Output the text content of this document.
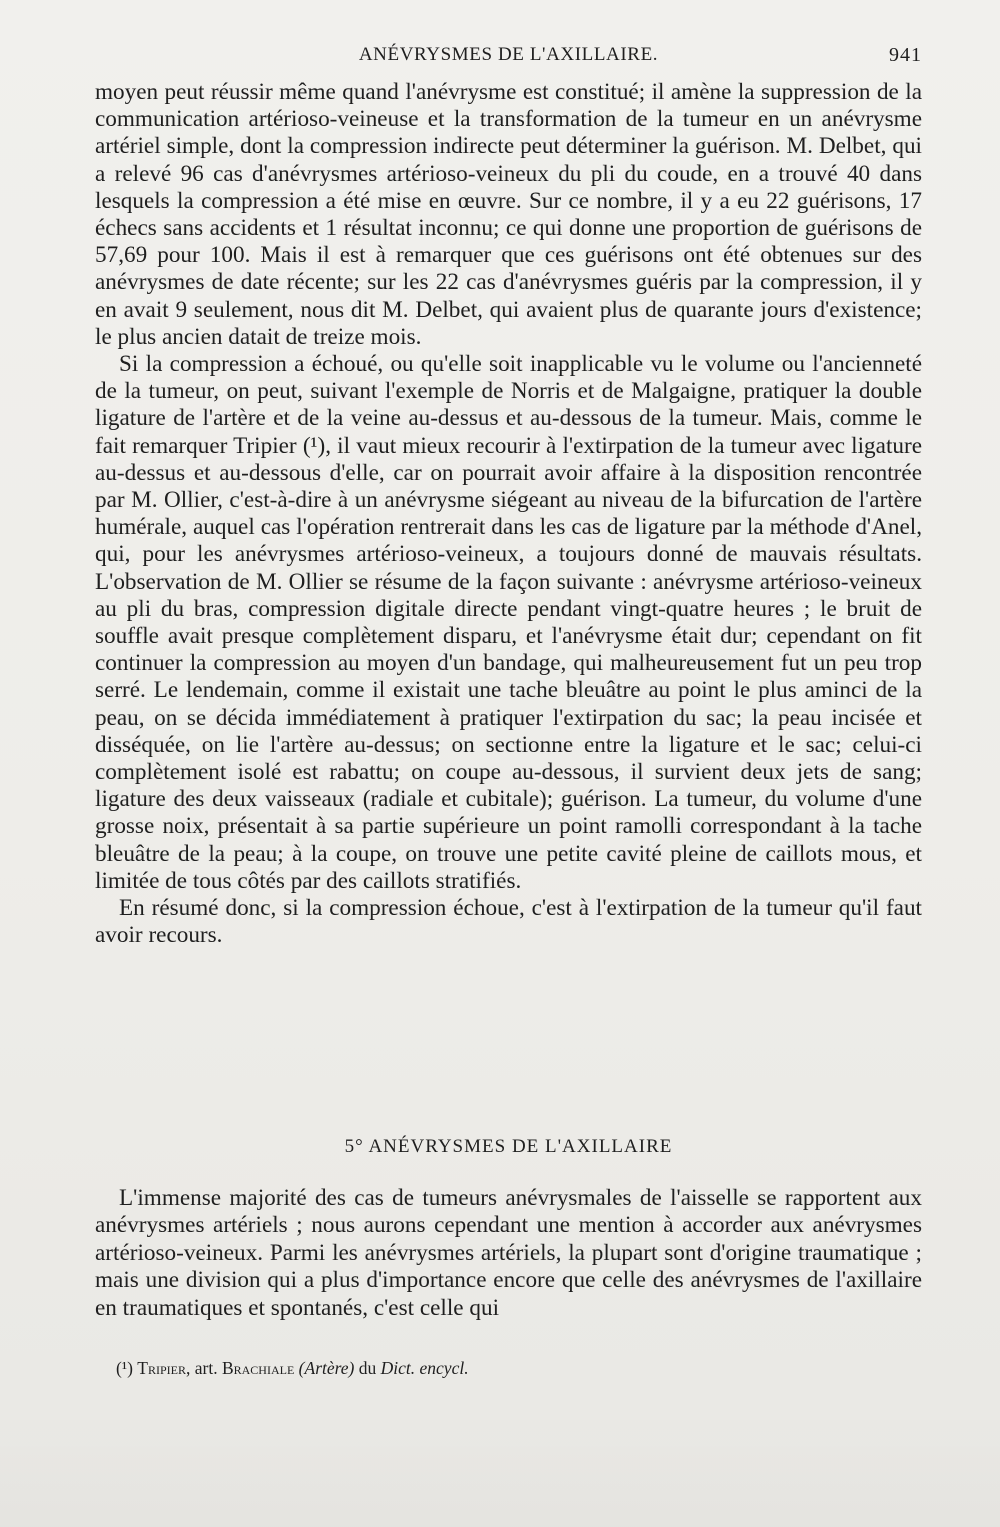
ANÉVRYSMES DE L'AXILLAIRE.	941

moyen peut réussir même quand l'anévrysme est constitué; il amène la suppression de la communication artérioso-veineuse et la transformation de la tumeur en un anévrysme artériel simple, dont la compression indirecte peut déterminer la guérison. M. Delbet, qui a relevé 96 cas d'anévrysmes artérioso-veineux du pli du coude, en a trouvé 40 dans lesquels la compression a été mise en œuvre. Sur ce nombre, il y a eu 22 guérisons, 17 échecs sans accidents et 1 résultat inconnu; ce qui donne une proportion de guérisons de 57,69 pour 100. Mais il est à remarquer que ces guérisons ont été obtenues sur des anévrysmes de date récente; sur les 22 cas d'anévrysmes guéris par la compression, il y en avait 9 seulement, nous dit M. Delbet, qui avaient plus de quarante jours d'existence; le plus ancien datait de treize mois.

Si la compression a échoué, ou qu'elle soit inapplicable vu le volume ou l'ancienneté de la tumeur, on peut, suivant l'exemple de Norris et de Malgaigne, pratiquer la double ligature de l'artère et de la veine au-dessus et au-dessous de la tumeur. Mais, comme le fait remarquer Tripier (¹), il vaut mieux recourir à l'extirpation de la tumeur avec ligature au-dessus et au-dessous d'elle, car on pourrait avoir affaire à la disposition rencontrée par M. Ollier, c'est-à-dire à un anévrysme siégeant au niveau de la bifurcation de l'artère humérale, auquel cas l'opération rentrerait dans les cas de ligature par la méthode d'Anel, qui, pour les anévrysmes artérioso-veineux, a toujours donné de mauvais résultats. L'observation de M. Ollier se résume de la façon suivante : anévrysme artérioso-veineux au pli du bras, compression digitale directe pendant vingt-quatre heures ; le bruit de souffle avait presque complètement disparu, et l'anévrysme était dur; cependant on fit continuer la compression au moyen d'un bandage, qui malheureusement fut un peu trop serré. Le lendemain, comme il existait une tache bleuâtre au point le plus aminci de la peau, on se décida immédiatement à pratiquer l'extirpation du sac; la peau incisée et disséquée, on lie l'artère au-dessus; on sectionne entre la ligature et le sac; celui-ci complètement isolé est rabattu; on coupe au-dessous, il survient deux jets de sang; ligature des deux vaisseaux (radiale et cubitale); guérison. La tumeur, du volume d'une grosse noix, présentait à sa partie supérieure un point ramolli correspondant à la tache bleuâtre de la peau; à la coupe, on trouve une petite cavité pleine de caillots mous, et limitée de tous côtés par des caillots stratifiés.

En résumé donc, si la compression échoue, c'est à l'extirpation de la tumeur qu'il faut avoir recours.

5° ANÉVRYSMES DE L'AXILLAIRE

L'immense majorité des cas de tumeurs anévrysmales de l'aisselle se rapportent aux anévrysmes artériels ; nous aurons cependant une mention à accorder aux anévrysmes artérioso-veineux. Parmi les anévrysmes artériels, la plupart sont d'origine traumatique ; mais une division qui a plus d'importance encore que celle des anévrysmes de l'axillaire en traumatiques et spontanés, c'est celle qui

(¹) Tripier, art. Brachiale (Artère) du Dict. encycl.
